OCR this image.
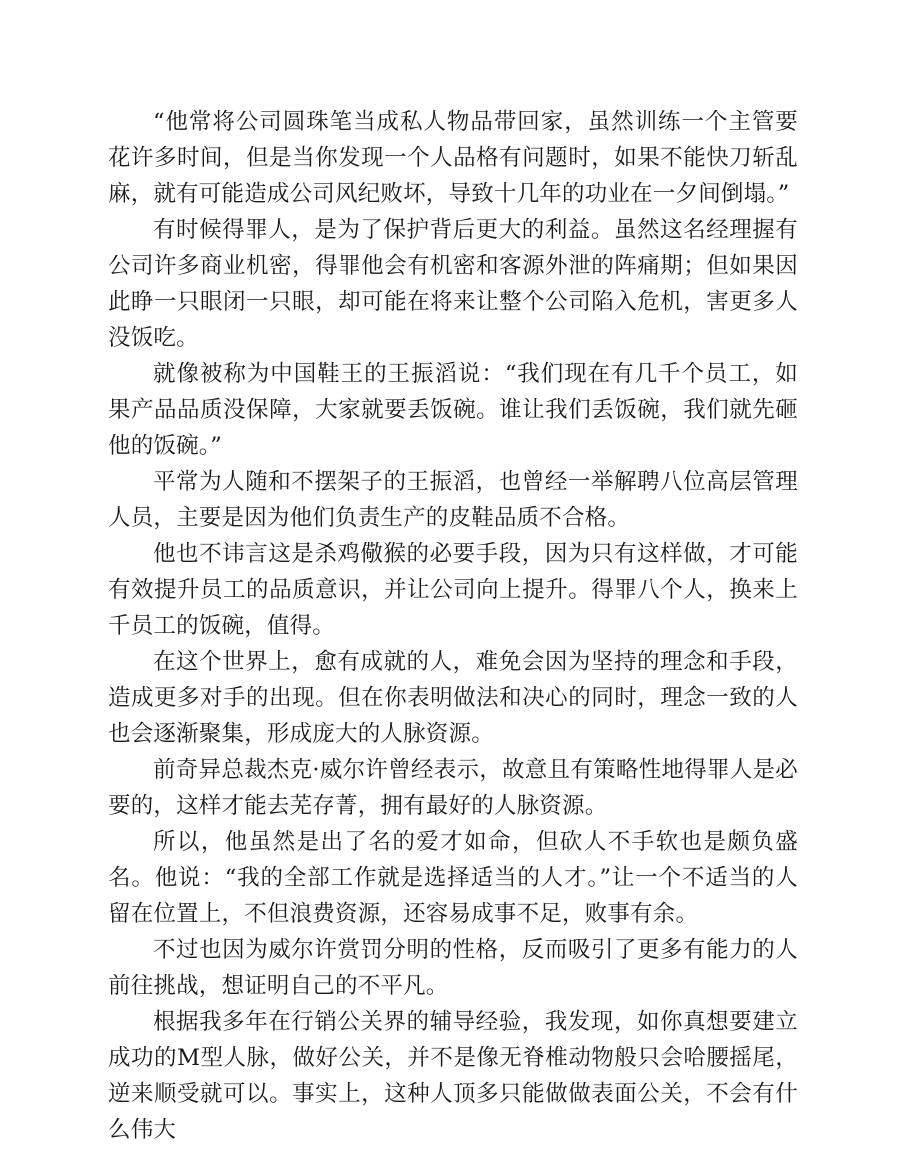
“他常将公司圆珠笔当成私人物品带回家，虽然训练一个主管要花许多时间，但是当你发现一个人品格有问题时，如果不能快刀斩乱麻，就有可能造成公司风纪败坏，导致十几年的功业在一夕间倒塌。”

有时候得罪人，是为了保护背后更大的利益。虽然这名经理握有公司许多商业机密，得罪他会有机密和客源外泄的阵痛期；但如果因此睁一只眼闭一只眼，却可能在将来让整个公司陷入危机，害更多人没饭吃。

就像被称为中国鞋王的王振滔说：“我们现在有几千个员工，如果产品品质没保障，大家就要丢饭碗。谁让我们丢饭碗，我们就先砸他的饭碗。”

平常为人随和不摆架子的王振滔，也曾经一举解聘八位高层管理人员，主要是因为他们负责生产的皮鞋品质不合格。

他也不讳言这是杀鸡儆猴的必要手段，因为只有这样做，才可能有效提升员工的品质意识，并让公司向上提升。得罪八个人，换来上千员工的饭碗，值得。

在这个世界上，愈有成就的人，难免会因为坚持的理念和手段，造成更多对手的出现。但在你表明做法和决心的同时，理念一致的人也会逐渐聚集，形成庞大的人脉资源。

前奇异总裁杰克·威尔许曾经表示，故意且有策略性地得罪人是必要的，这样才能去芜存菁，拥有最好的人脉资源。

所以，他虽然是出了名的爱才如命，但砍人不手软也是颇负盛名。他说：“我的全部工作就是选择适当的人才。”让一个不适当的人留在位置上，不但浪费资源，还容易成事不足，败事有余。

不过也因为威尔许赏罚分明的性格，反而吸引了更多有能力的人前往挑战，想证明自己的不平凡。

根据我多年在行销公关界的辅导经验，我发现，如你真想要建立成功的M型人脉，做好公关，并不是像无脊椎动物般只会哈腰摇尾，逆来顺受就可以。事实上，这种人顶多只能做做表面公关，不会有什么伟大
